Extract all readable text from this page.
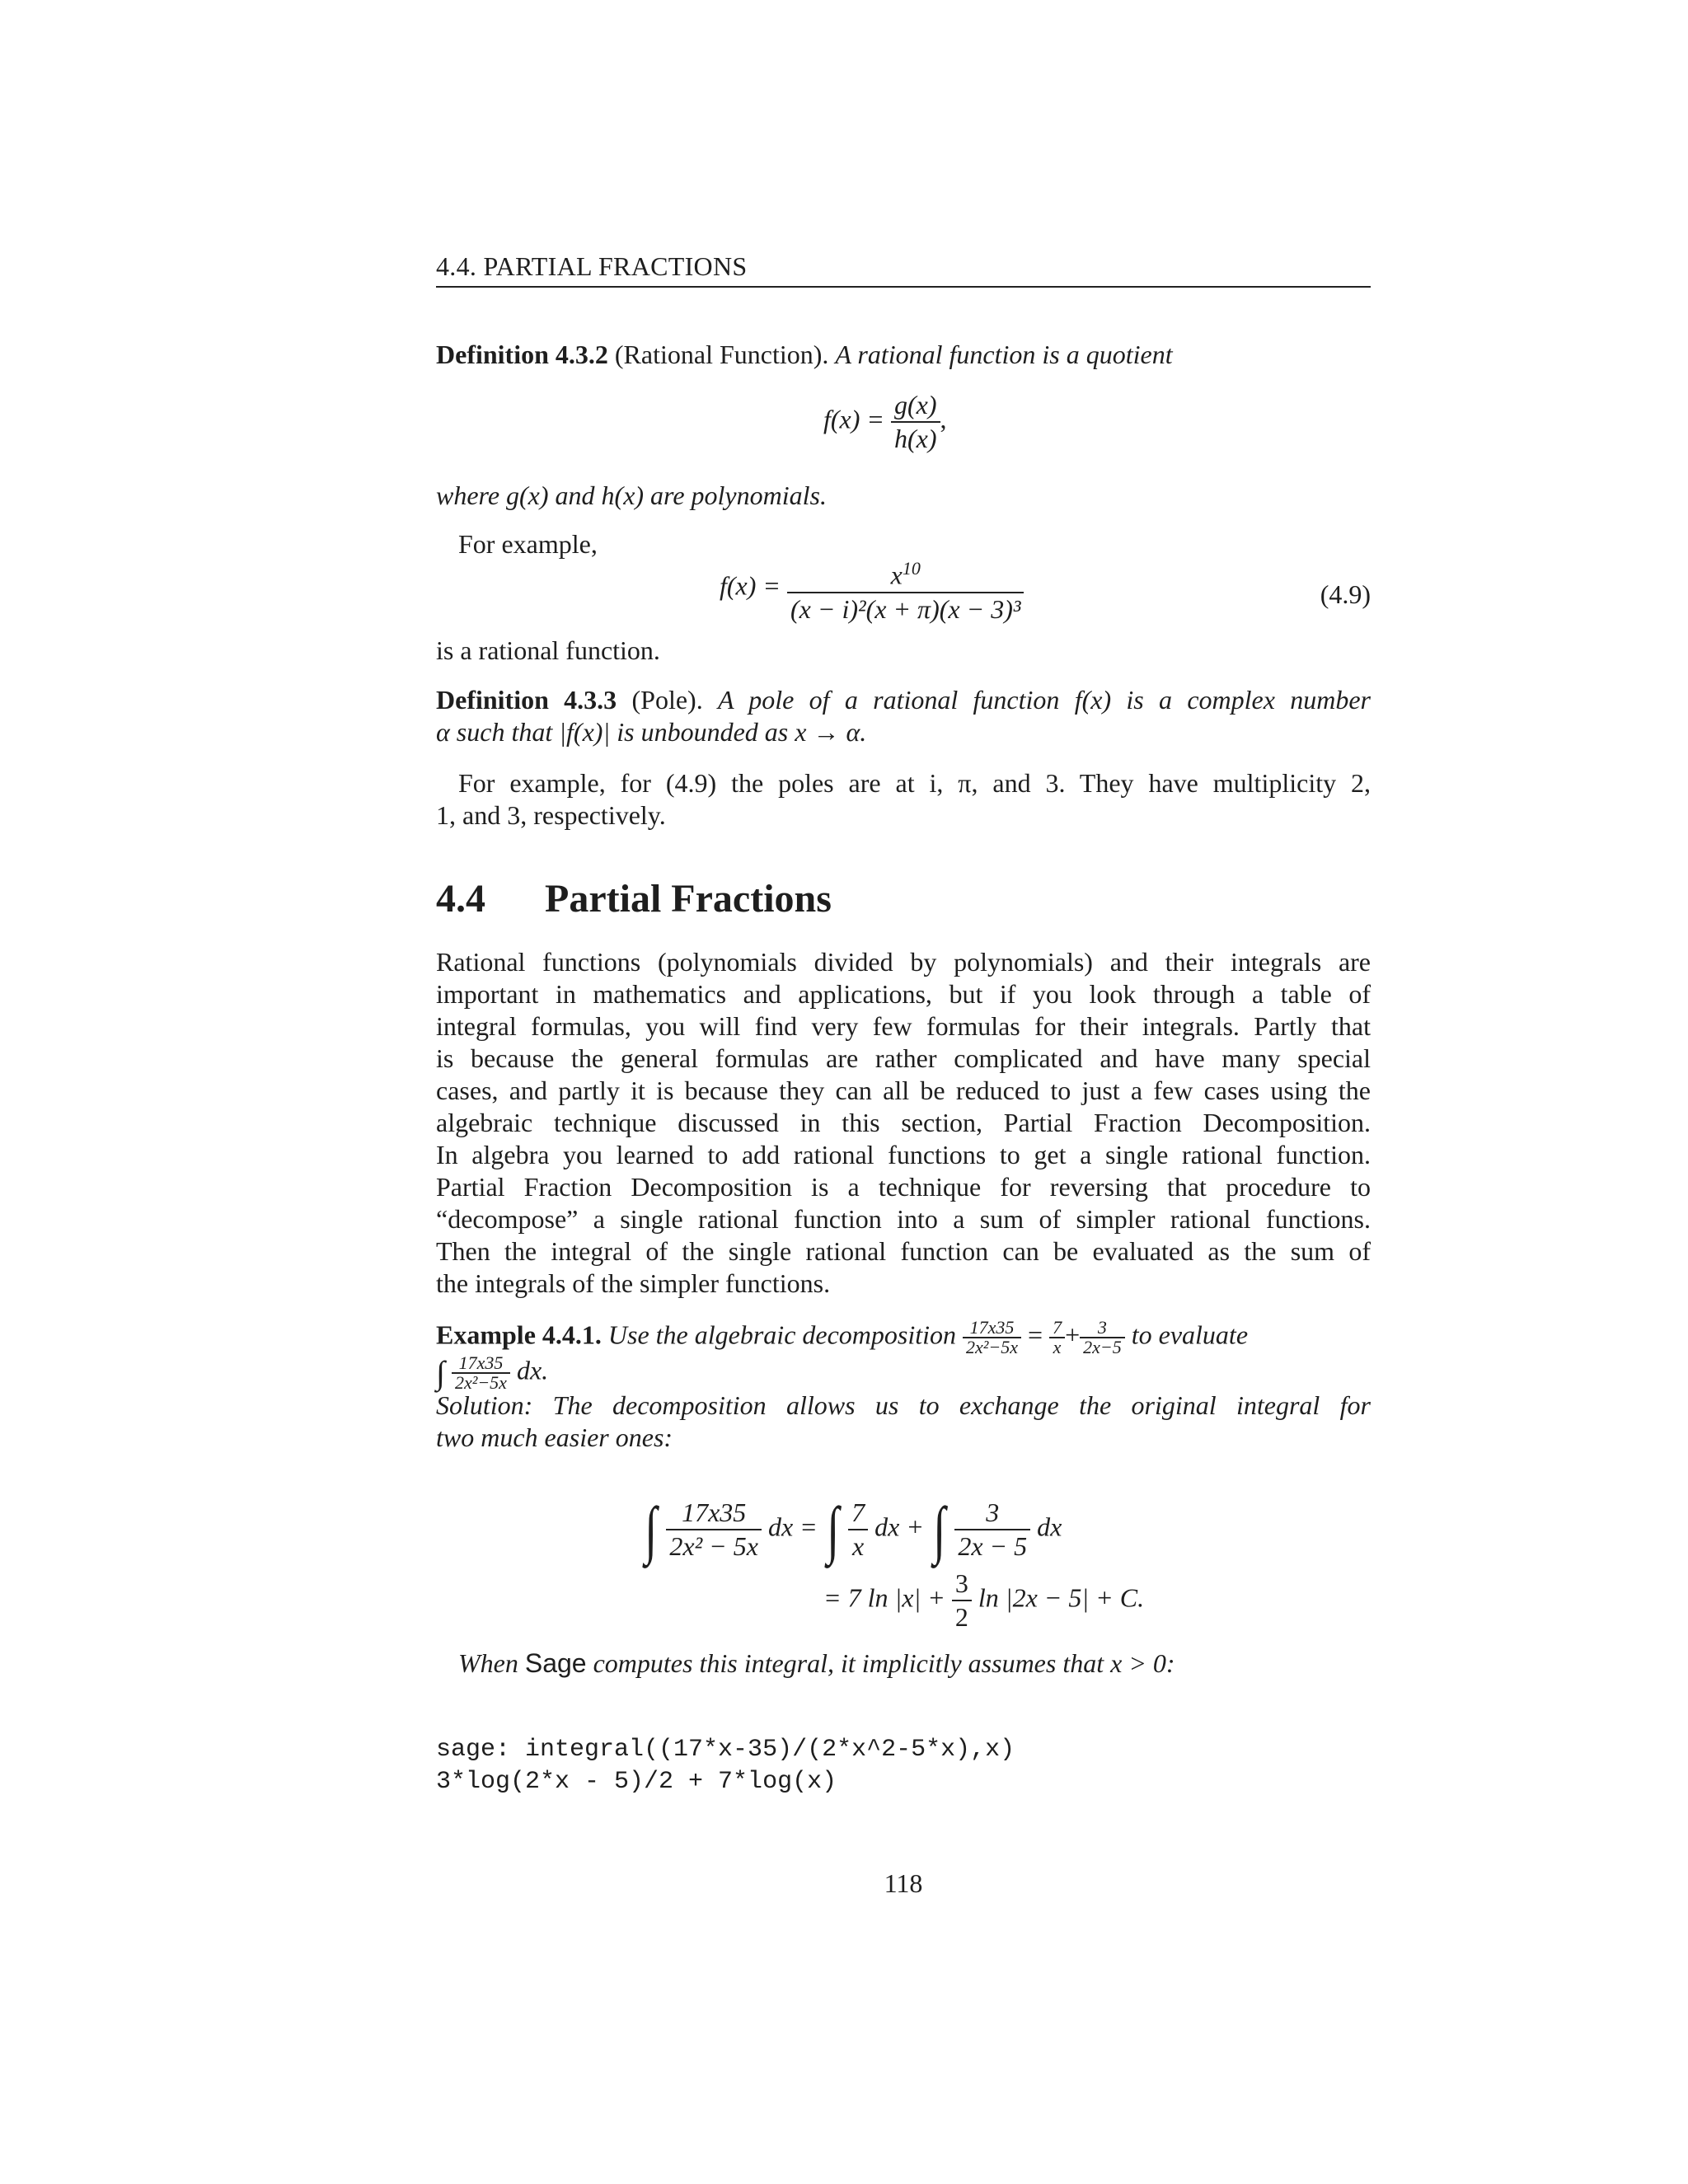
4.4. PARTIAL FRACTIONS
Definition 4.3.2 (Rational Function). A rational function is a quotient
$f(x) = \frac{g(x)}{h(x)}$ ,
where g(x) and h(x) are polynomials.
For example,
$f(x) = \frac{x^{10}}{\text{(x − i)²(x + π)(x − 3)³}}$	(4.9)
is a rational function.
Definition 4.3.3 (Pole). A pole of a rational function f(x) is a complex number
α such that |f(x)| is unbounded as x → α.
For example, for (4.9) the poles are at i, π, and 3. They have multiplicity 2,
1, and 3, respectively.
4.4 Partial Fractions
Rational functions (polynomials divided by polynomials) and their integrals are
important in mathematics and applications, but if you look through a table of
integral formulas, you will find very few formulas for their integrals. Partly that
is because the general formulas are rather complicated and have many special
cases, and partly it is because they can all be reduced to just a few cases using the
algebraic technique discussed in this section, Partial Fraction Decomposition.
In algebra you learned to add rational functions to get a single rational function.
Partial Fraction Decomposition is a technique for reversing that procedure to
“decompose” a single rational function into a sum of simpler rational functions.
Then the integral of the single rational function can be evaluated as the sum of
the integrals of the simpler functions.
Example 4.4.1. Use the algebraic decomposition $\frac{17x35}{\text{2x²−5x}} = \frac{7}{x} + \frac{3}{2x-5}$ to evaluate
∫ $\frac{17x35}{\text{2x²−5x}}$ dx.
Solution: The decomposition allows us to exchange the original integral for
two much easier ones:
∫ $\frac{17x35}{\text{2x² − 5x}}$ dx = ∫ $\frac{7}{x}$ dx + ∫ $\frac{3}{2x - 5}$ dx
= 7 $\ln |x| + \frac{3}{2}$ ln |2x − 5| + C.
When Sage computes this integral, it implicitly assumes that x > 0:
sage: integral((17*x-35)/(2*x^2-5*x),x)
3*log(2*x - 5)/2 + 7*log(x)
118
